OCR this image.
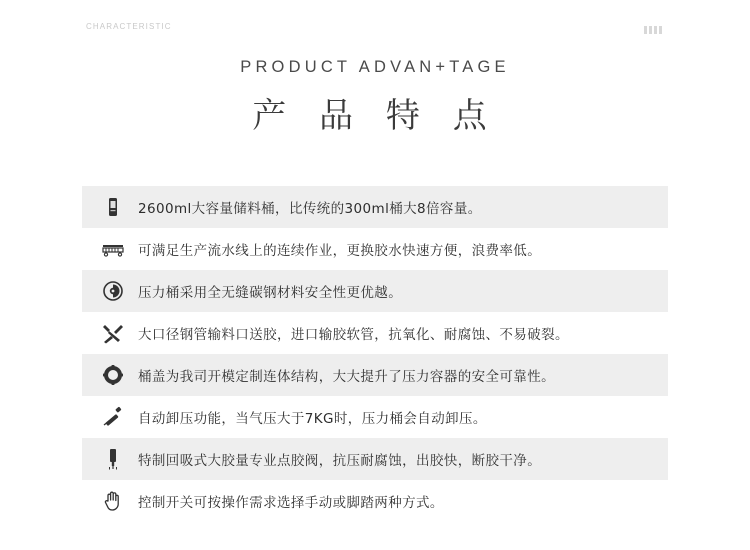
CHARACTERISTIC
PRODUCT ADVAN+TAGE
产 品 特 点
2600ml大容量储料桶，比传统的300ml桶大8倍容量。
可满足生产流水线上的连续作业，更换胶水快速方便，浪费率低。
压力桶采用全无缝碳钢材料安全性更优越。
大口径钢管输料口送胶，进口输胶软管，抗氧化、耐腐蚀、不易破裂。
桶盖为我司开模定制连体结构，大大提升了压力容器的安全可靠性。
自动卸压功能，当气压大于7KG时，压力桶会自动卸压。
特制回吸式大胶量专业点胶阀，抗压耐腐蚀，出胶快，断胶干净。
控制开关可按操作需求选择手动或脚踏两种方式。
